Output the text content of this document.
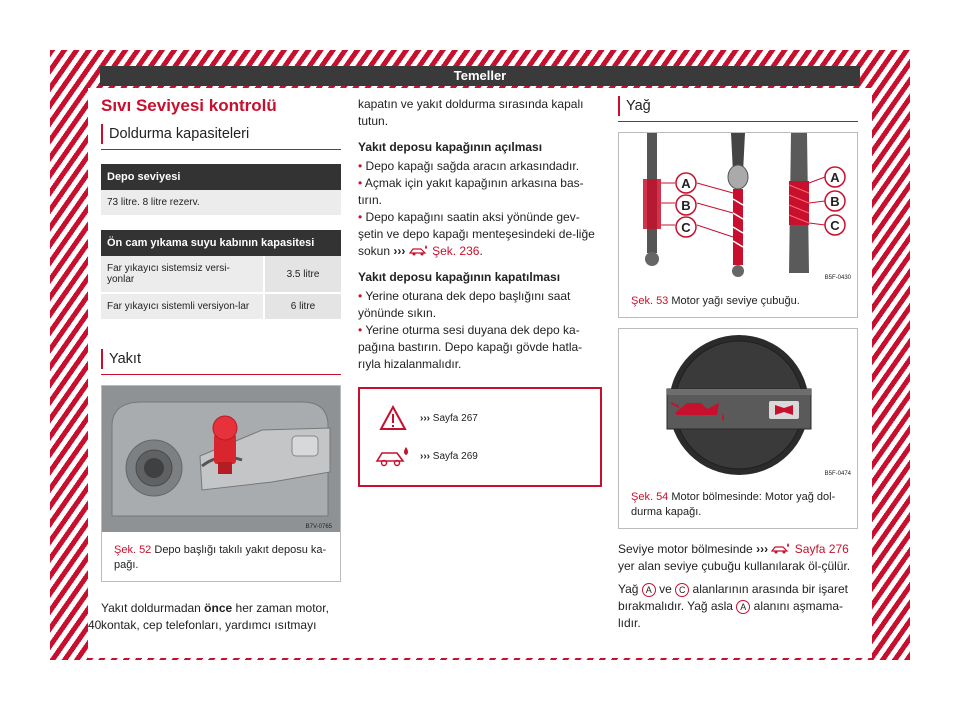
Temeller
Sıvı Seviyesi kontrolü
Doldurma kapasiteleri
Depo seviyesi
73 litre. 8 litre rezerv.
Ön cam yıkama suyu kabının kapasitesi
Far yıkayıcı sistemsiz versi-yonlar	3.5 litre
Far yıkayıcı sistemli versiyon-lar	6 litre
Yakıt
B7V-0765
Şek. 52 Depo başlığı takılı yakıt deposu ka-pağı.

Yakıt doldurmadan önce her zaman motor, kontak, cep telefonları, yardımcı ısıtmayı

kapatın ve yakıt doldurma sırasında kapalı tutun.

Yakıt deposu kapağının açılması

• Depo kapağı sağda aracın arkasındadır.

• Açmak için yakıt kapağının arkasına bas-tırın.

• Depo kapağını saatin aksi yönünde gev-şetin ve depo kapağı menteşesindeki de-liğe sokun ››› Şek. 236.

Yakıt deposu kapağının kapatılması

• Yerine oturana dek depo başlığını saat yönünde sıkın.

• Yerine oturma sesi duyana dek depo ka-pağına bastırın. Depo kapağı gövde hatla-rıyla hizalanmalıdır.

›››
Sayfa 267
›››
Sayfa 269
Yağ
A
B
C
A
B
C
B5F-0430
Şek. 53 Motor yağı seviye çubuğu.
B5F-0474
Şek. 54 Motor bölmesinde: Motor yağ dol-durma kapağı.

Seviye motor bölmesinde ››› Sayfa 276 yer alan seviye çubuğu kullanılarak öl-çülür.

Yağ A ve C alanlarının arasında bir işaret bırakmalıdır. Yağ asla A alanını aşmama-lıdır.

40
